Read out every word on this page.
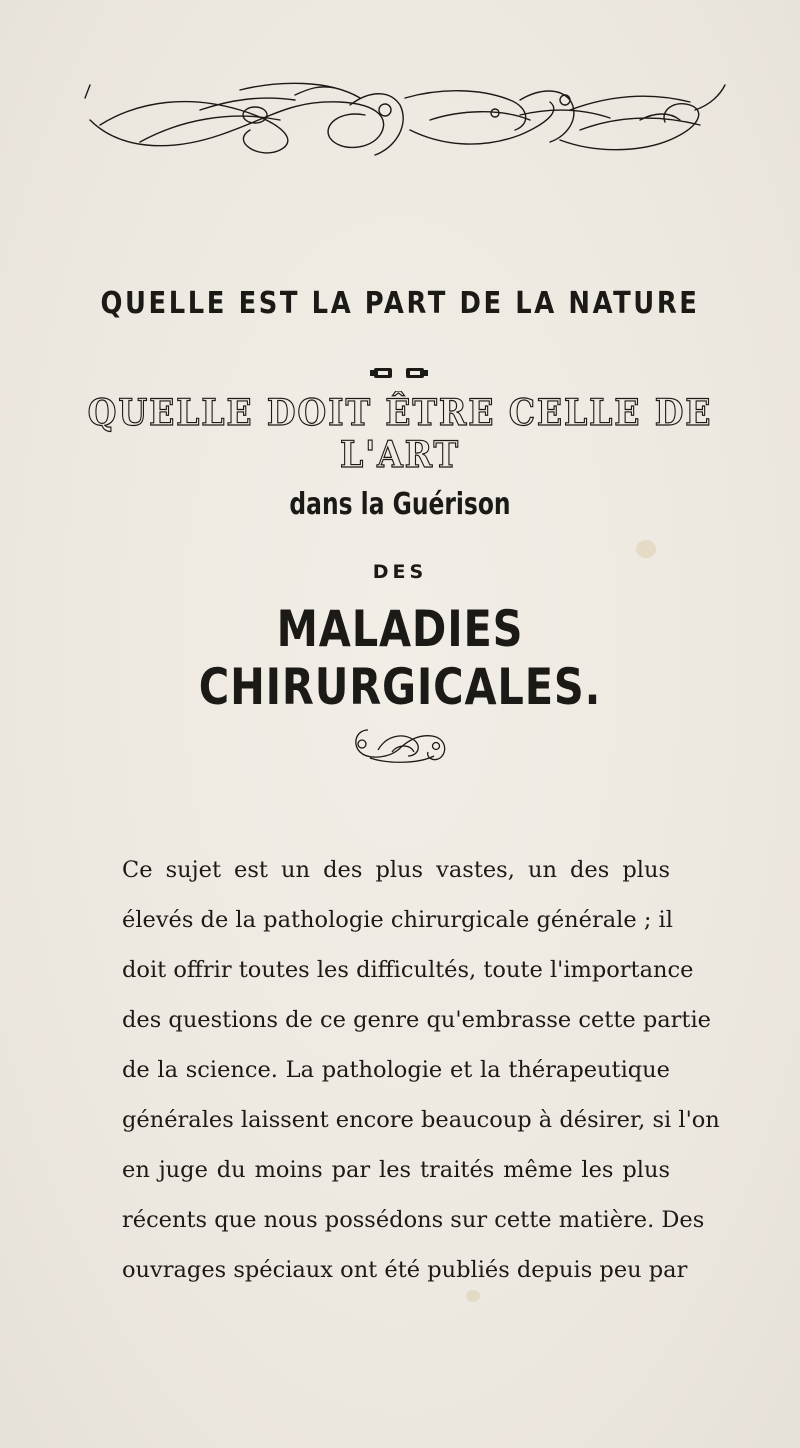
QUELLE EST LA PART DE LA NATURE
QUELLE DOIT ÊTRE CELLE DE L'ART
dans la Guérison
DES
MALADIES CHIRURGICALES.

Ce sujet est un des plus vastes, un des plus

élevés de la pathologie chirurgicale générale ; il

doit offrir toutes les difficultés, toute l'importance

des questions de ce genre qu'embrasse cette partie

de la science. La pathologie et la thérapeutique

générales laissent encore beaucoup à désirer, si l'on

en juge du moins par les traités même les plus

récents que nous possédons sur cette matière. Des

ouvrages spéciaux ont été publiés depuis peu par
